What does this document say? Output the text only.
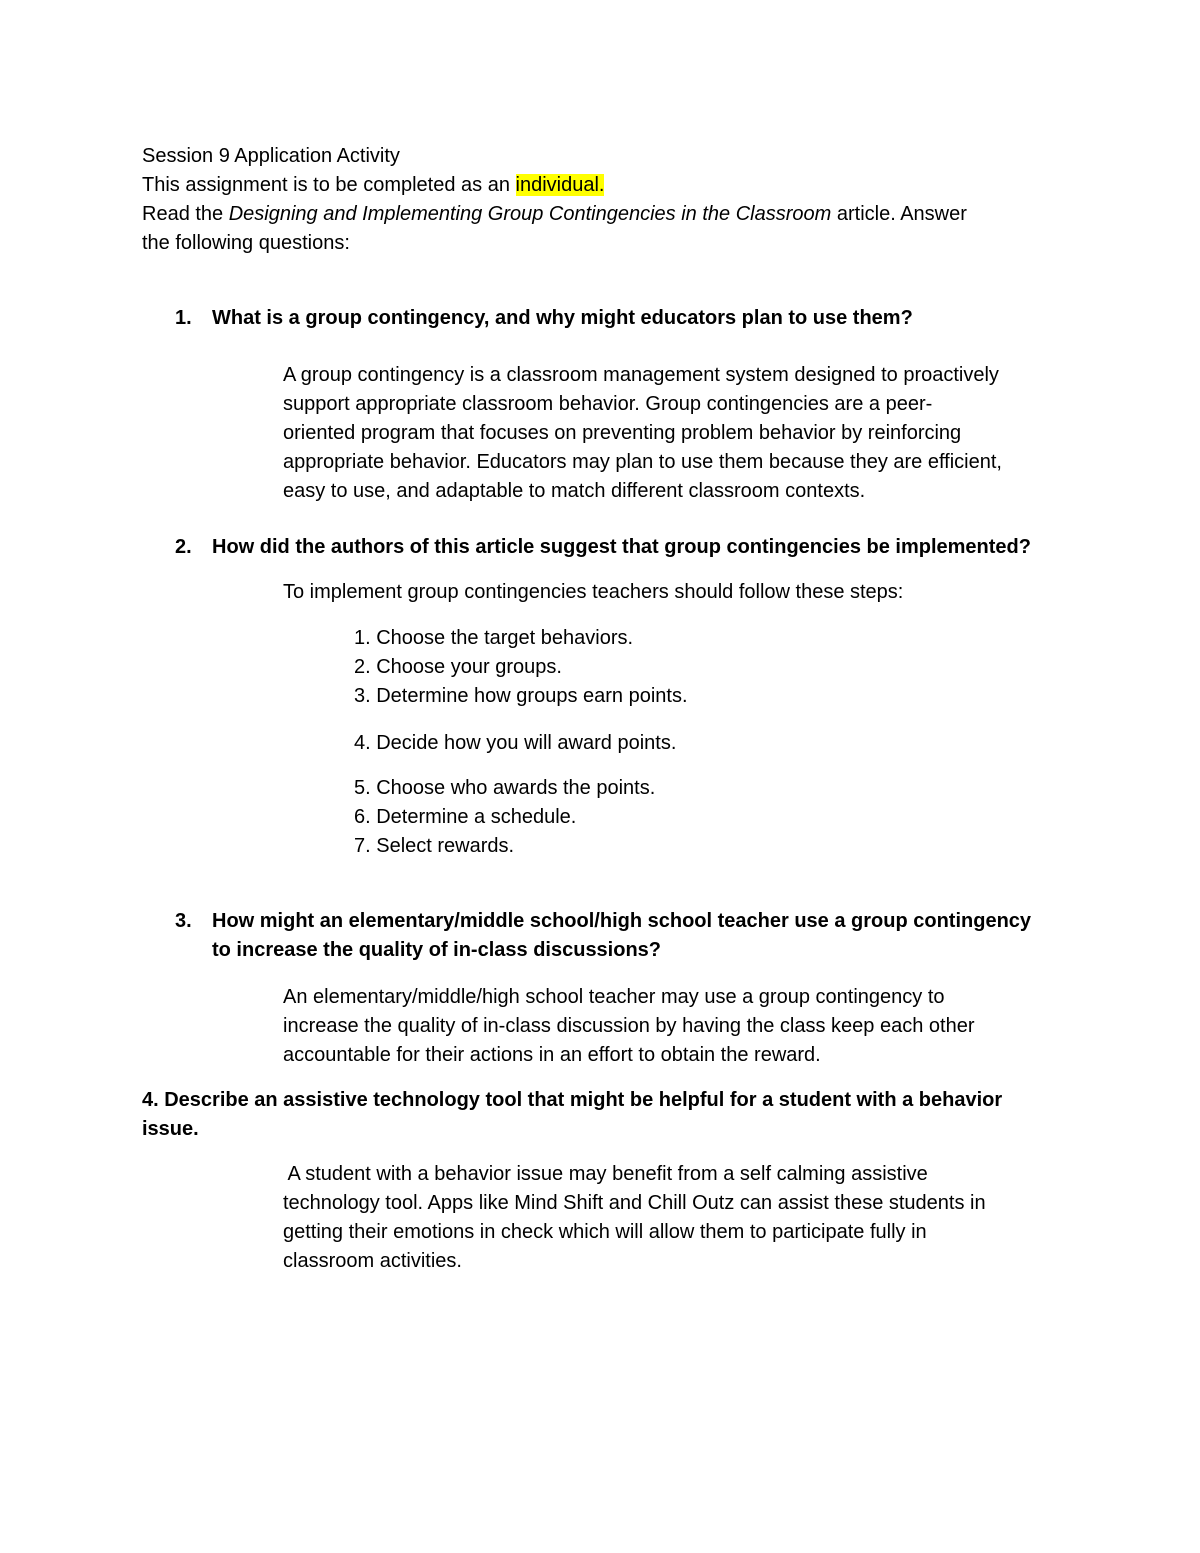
Session 9 Application Activity
This assignment is to be completed as an individual.
Read the Designing and Implementing Group Contingencies in the Classroom article. Answer
the following questions:
1. What is a group contingency, and why might educators plan to use them?
A group contingency is a classroom management system designed to proactively
support appropriate classroom behavior. Group contingencies are a peer-
oriented program that focuses on preventing problem behavior by reinforcing
appropriate behavior. Educators may plan to use them because they are efficient,
easy to use, and adaptable to match different classroom contexts.
2. How did the authors of this article suggest that group contingencies be implemented?
To implement group contingencies teachers should follow these steps:
1. Choose the target behaviors.
2. Choose your groups.
3. Determine how groups earn points.
4. Decide how you will award points.
5. Choose who awards the points.
6. Determine a schedule.
7. Select rewards.
3. How might an elementary/middle school/high school teacher use a group contingency
to increase the quality of in-class discussions?
An elementary/middle/high school teacher may use a group contingency to
increase the quality of in-class discussion by having the class keep each other
accountable for their actions in an effort to obtain the reward.
4. Describe an assistive technology tool that might be helpful for a student with a behavior
issue.
A student with a behavior issue may benefit from a self calming assistive
technology tool. Apps like Mind Shift and Chill Outz can assist these students in
getting their emotions in check which will allow them to participate fully in
classroom activities.
